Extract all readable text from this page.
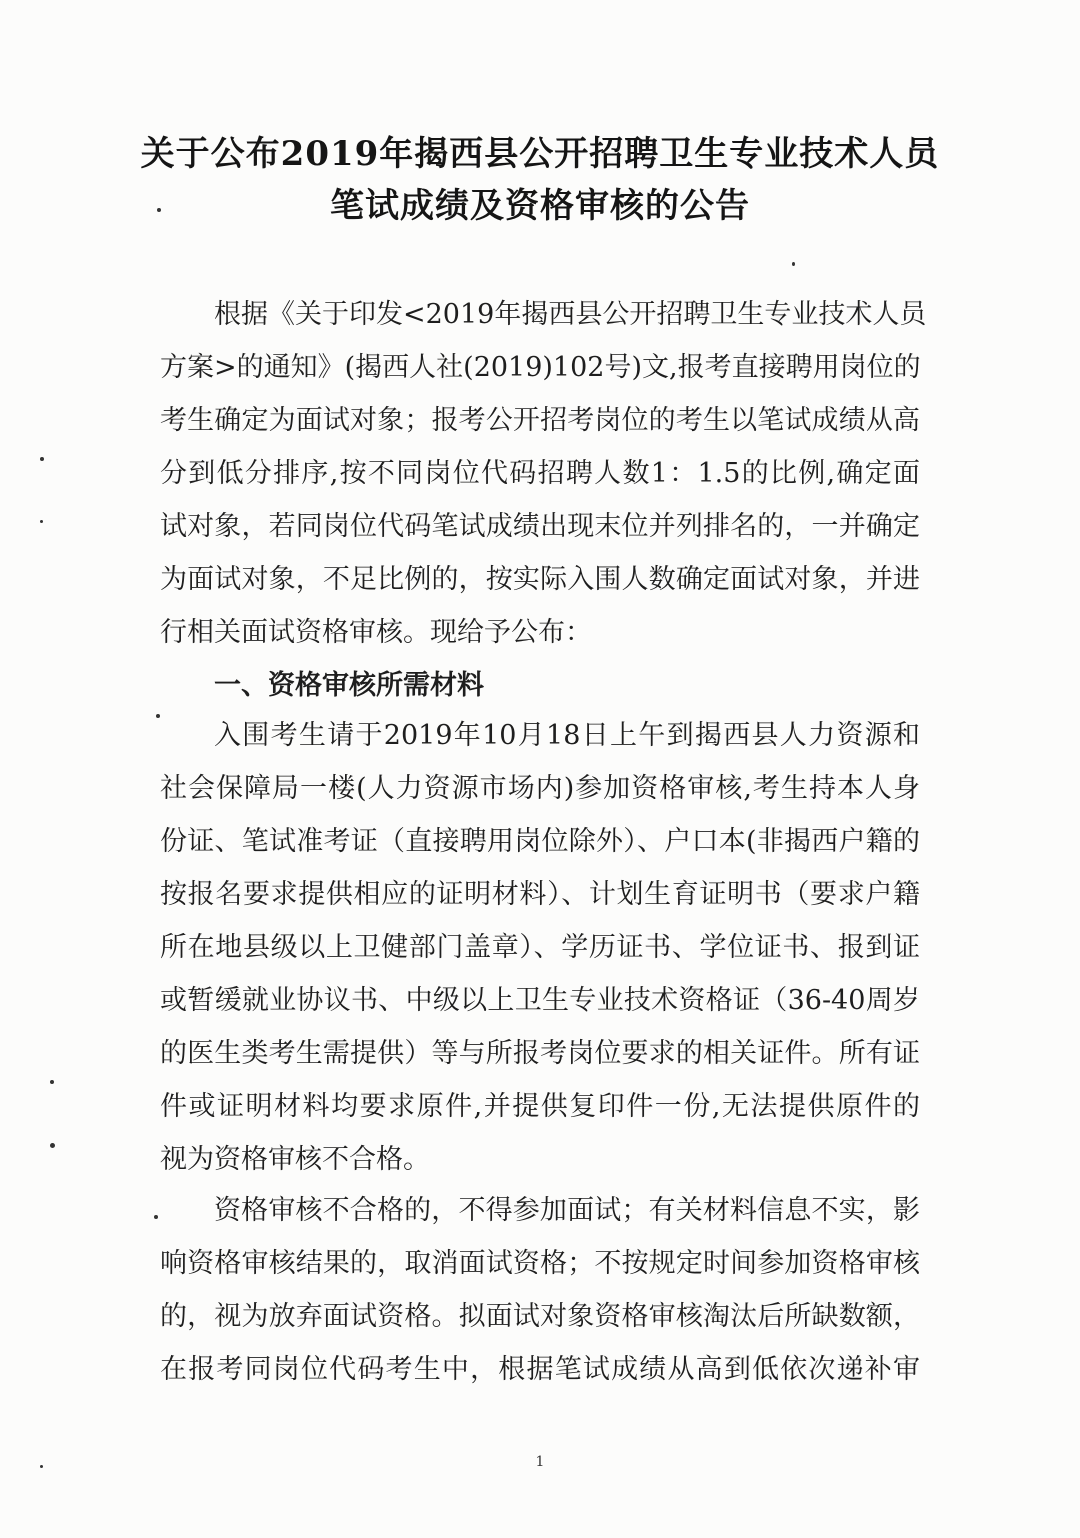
关于公布2019年揭西县公开招聘卫生专业技术人员
笔试成绩及资格审核的公告
根据《关于印发<2019年揭西县公开招聘卫生专业技术人员
方案>的通知》(揭西人社(2019)102号)文,报考直接聘用岗位的
考生确定为面试对象；报考公开招考岗位的考生以笔试成绩从高
分到低分排序,按不同岗位代码招聘人数1：1.5的比例,确定面
试对象，若同岗位代码笔试成绩出现末位并列排名的，一并确定
为面试对象，不足比例的，按实际入围人数确定面试对象，并进
行相关面试资格审核。现给予公布：
一、资格审核所需材料
入围考生请于2019年10月18日上午到揭西县人力资源和
社会保障局一楼(人力资源市场内)参加资格审核,考生持本人身
份证、笔试准考证（直接聘用岗位除外）、户口本(非揭西户籍的
按报名要求提供相应的证明材料）、计划生育证明书（要求户籍
所在地县级以上卫健部门盖章）、学历证书、学位证书、报到证
或暂缓就业协议书、中级以上卫生专业技术资格证（36-40周岁
的医生类考生需提供）等与所报考岗位要求的相关证件。所有证
件或证明材料均要求原件,并提供复印件一份,无法提供原件的
视为资格审核不合格。
资格审核不合格的，不得参加面试；有关材料信息不实，影
响资格审核结果的，取消面试资格；不按规定时间参加资格审核
的，视为放弃面试资格。拟面试对象资格审核淘汰后所缺数额，
在报考同岗位代码考生中，根据笔试成绩从高到低依次递补审
1
